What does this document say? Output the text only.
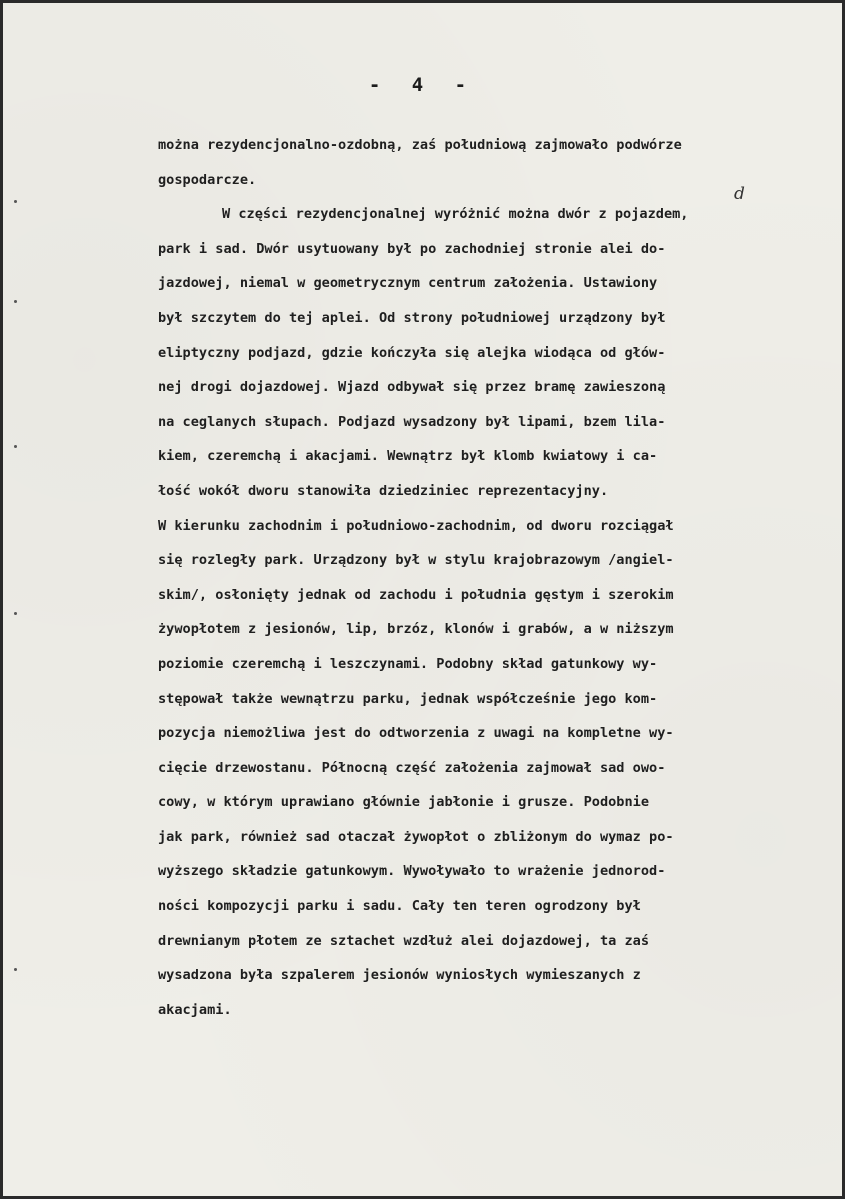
- 4 -
d
można rezydencjonalno-ozdobną, zaś południową zajmowało podwórze
gospodarcze.
W części rezydencjonalnej wyróżnić można dwór z pojazdem,
park i sad. Dwór usytuowany był po zachodniej stronie alei do-
jazdowej, niemal w geometrycznym centrum założenia. Ustawiony
był szczytem do tej aplei. Od strony południowej urządzony był
eliptyczny podjazd, gdzie kończyła się alejka wiodąca od głów-
nej drogi dojazdowej. Wjazd odbywał się przez bramę zawieszoną
na ceglanych słupach. Podjazd wysadzony był lipami, bzem lila-
kiem, czeremchą i akacjami. Wewnątrz był klomb kwiatowy i ca-
łość wokół dworu stanowiła dziedziniec reprezentacyjny.
W kierunku zachodnim i południowo-zachodnim, od dworu rozciągał
się rozległy park. Urządzony był w stylu krajobrazowym /angiel-
skim/, osłonięty jednak od zachodu i południa gęstym i szerokim
żywopłotem z jesionów, lip, brzóz, klonów i grabów, a w niższym
poziomie czeremchą i leszczynami. Podobny skład gatunkowy wy-
stępował także wewnątrzu parku, jednak współcześnie jego kom-
pozycja niemożliwa jest do odtworzenia z uwagi na kompletne wy-
cięcie drzewostanu. Północną część założenia zajmował sad owo-
cowy, w którym uprawiano głównie jabłonie i grusze. Podobnie
jak park, również sad otaczał żywopłot o zbliżonym do wymaz po-
wyższego składzie gatunkowym. Wywoływało to wrażenie jednorod-
ności kompozycji parku i sadu. Cały ten teren ogrodzony był
drewnianym płotem ze sztachet wzdłuż alei dojazdowej, ta zaś
wysadzona była szpalerem jesionów wyniosłych wymieszanych z
akacjami.
